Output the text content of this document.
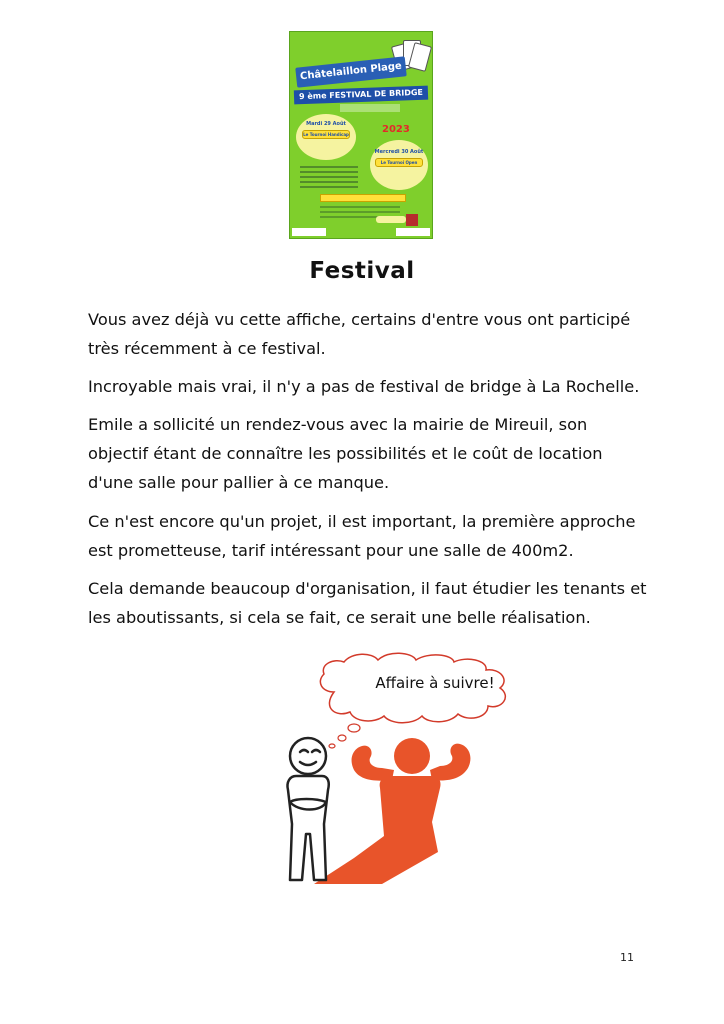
Châtelaillon Plage
9 ème FESTIVAL DE BRIDGE
Mardi 29 Août
Le Tournoi Handicap	2023
Mercredi 30 Août
Le Tournoi Open
Festival

Vous avez déjà vu cette affiche, certains d'entre vous ont participé très récemment à ce festival.

Incroyable mais vrai, il n'y a pas de festival de bridge à La Rochelle.

Emile a sollicité un rendez-vous avec la mairie de Mireuil, son objectif étant de connaître les possibilités et le coût de location d'une salle pour pallier à ce manque.

Ce n'est encore qu'un projet, il est important, la première approche est prometteuse, tarif intéressant pour une salle de 400m2.

Cela demande beaucoup d'organisation, il faut étudier les tenants et les aboutissants, si cela se fait, ce serait une belle réalisation.

Affaire à suivre!
11
